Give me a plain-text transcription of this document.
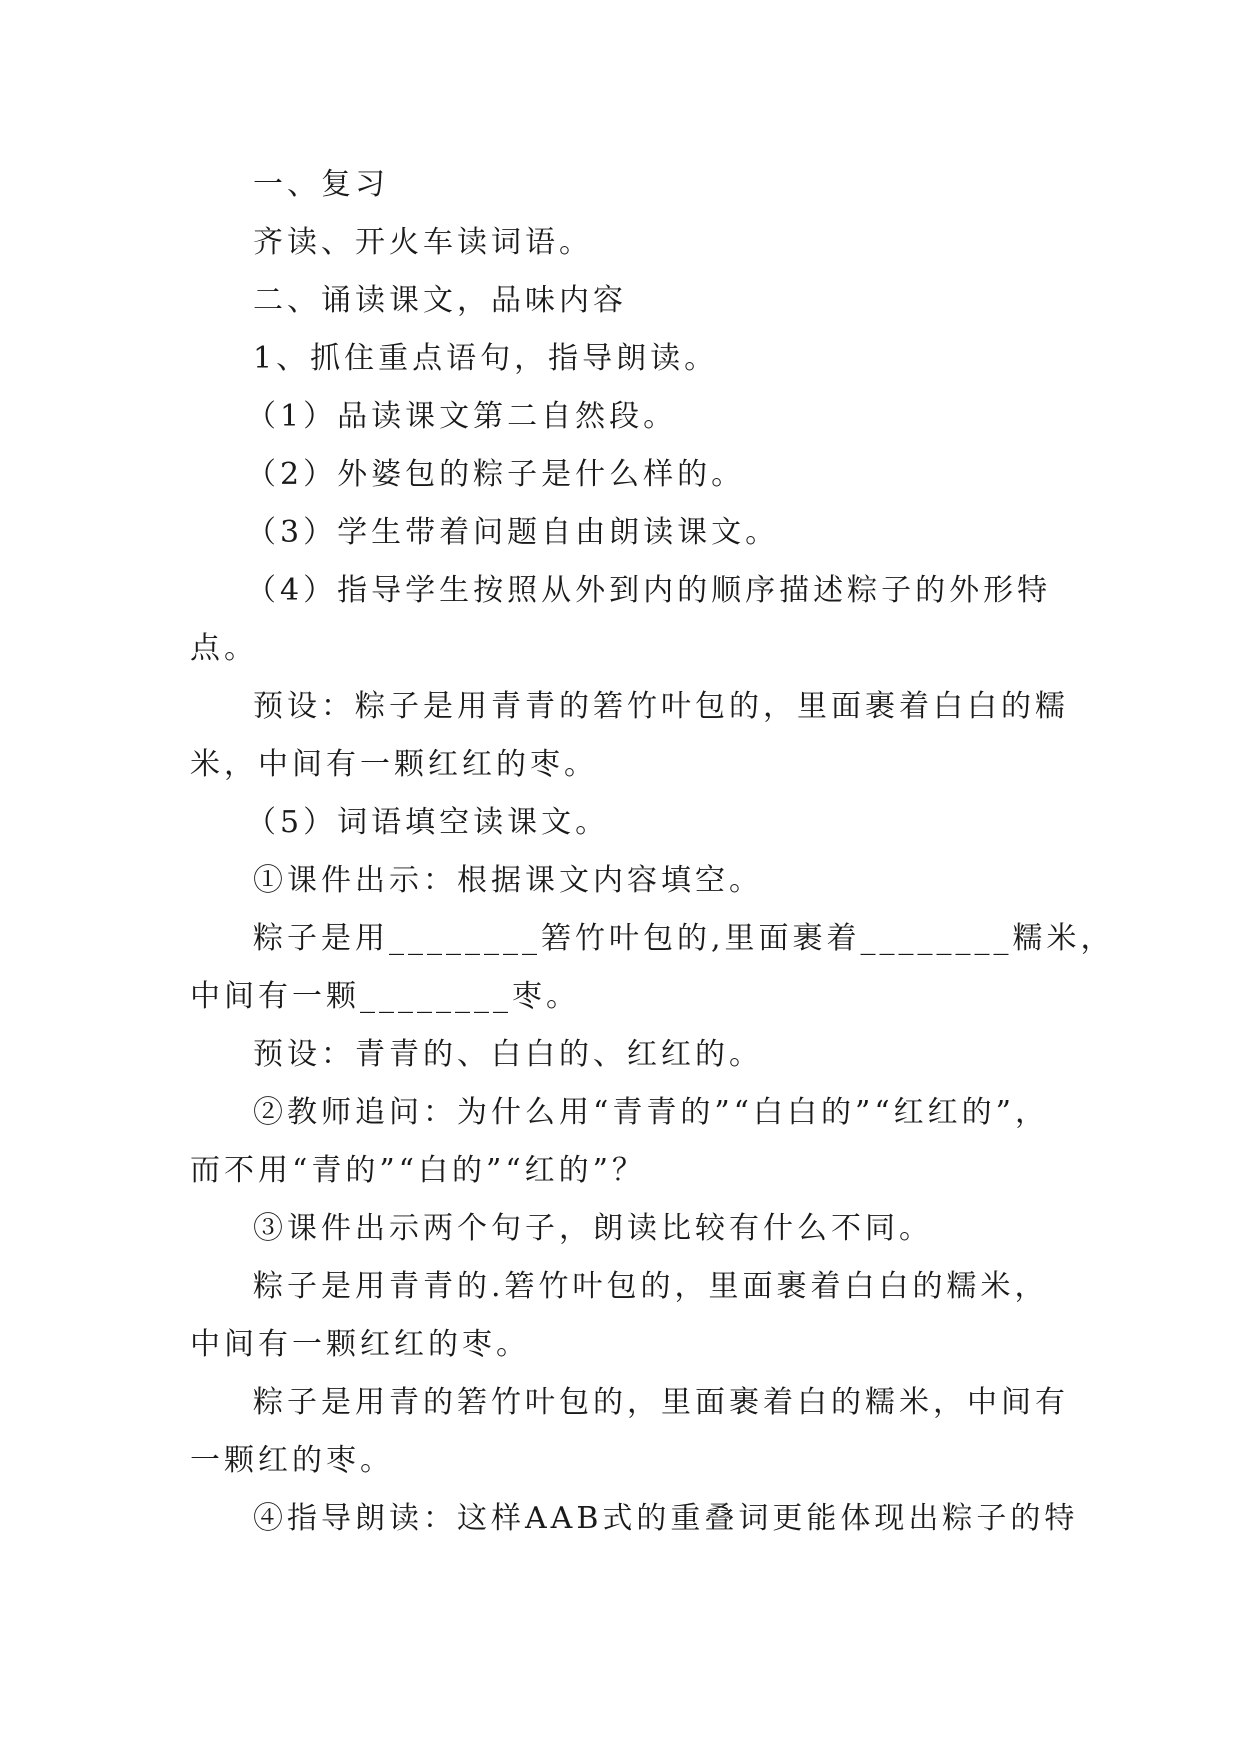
一、复习

齐读、开火车读词语。

二、诵读课文，品味内容

1、抓住重点语句，指导朗读。

（1）品读课文第二自然段。

（2）外婆包的粽子是什么样的。

（3）学生带着问题自由朗读课文。

（4）指导学生按照从外到内的顺序描述粽子的外形特

点。

预设：粽子是用青青的箬竹叶包的，里面裹着白白的糯

米，中间有一颗红红的枣。

（5）词语填空读课文。

①课件出示：根据课文内容填空。

粽子是用________箬竹叶包的,里面裹着________糯米，

中间有一颗________枣。

预设：青青的、白白的、红红的。

②教师追问：为什么用“青青的”“白白的”“红红的”，

而不用“青的”“白的”“红的”？

③课件出示两个句子，朗读比较有什么不同。

粽子是用青青的.箬竹叶包的，里面裹着白白的糯米，

中间有一颗红红的枣。

粽子是用青的箬竹叶包的，里面裹着白的糯米，中间有

一颗红的枣。

④指导朗读：这样AAB式的重叠词更能体现出粽子的特
